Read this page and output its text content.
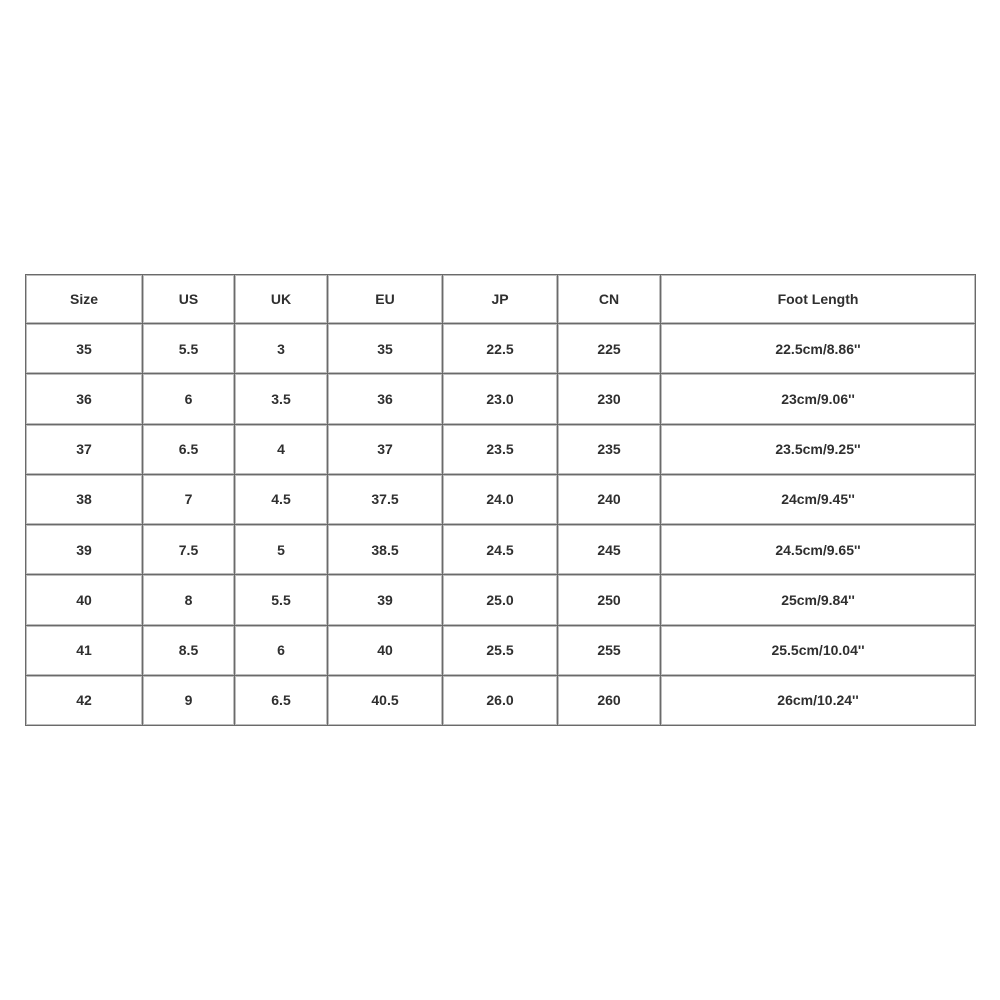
Size	US	UK	EU	JP	CN	Foot Length
35	5.5	3	35	22.5	225	22.5cm/8.86''
36	6	3.5	36	23.0	230	23cm/9.06''
37	6.5	4	37	23.5	235	23.5cm/9.25''
38	7	4.5	37.5	24.0	240	24cm/9.45''
39	7.5	5	38.5	24.5	245	24.5cm/9.65''
40	8	5.5	39	25.0	250	25cm/9.84''
41	8.5	6	40	25.5	255	25.5cm/10.04''
42	9	6.5	40.5	26.0	260	26cm/10.24''
